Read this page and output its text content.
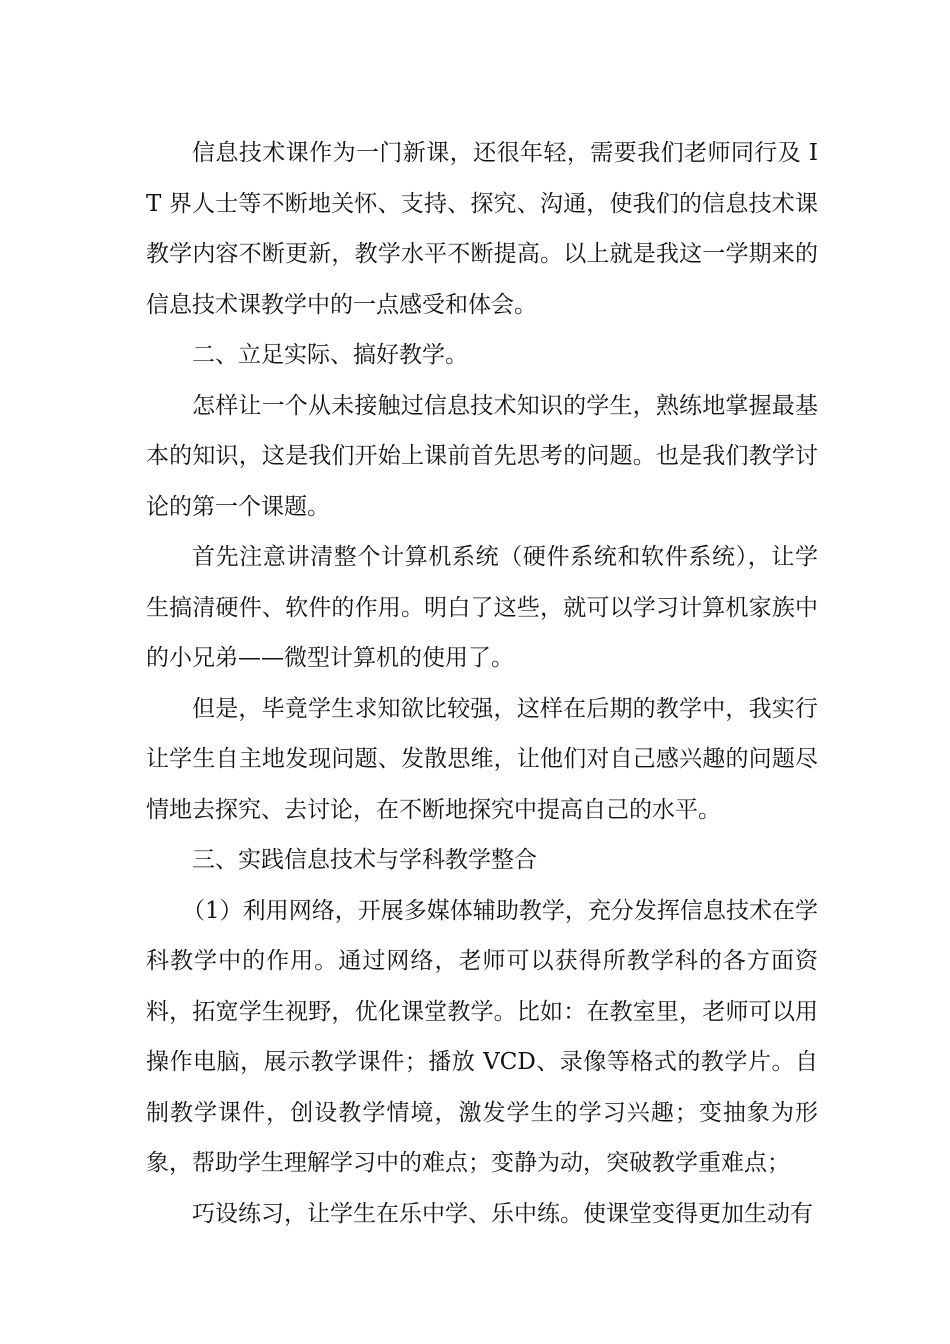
信息技术课作为一门新课，还很年轻，需要我们老师同行及 IT 界人士等不断地关怀、支持、探究、沟通，使我们的信息技术课教学内容不断更新，教学水平不断提高。以上就是我这一学期来的信息技术课教学中的一点感受和体会。

二、立足实际、搞好教学。

怎样让一个从未接触过信息技术知识的学生，熟练地掌握最基本的知识，这是我们开始上课前首先思考的问题。也是我们教学讨论的第一个课题。

首先注意讲清整个计算机系统（硬件系统和软件系统），让学生搞清硬件、软件的作用。明白了这些，就可以学习计算机家族中的小兄弟——微型计算机的使用了。

但是，毕竟学生求知欲比较强，这样在后期的教学中，我实行让学生自主地发现问题、发散思维，让他们对自己感兴趣的问题尽情地去探究、去讨论，在不断地探究中提高自己的水平。

三、实践信息技术与学科教学整合

（1）利用网络，开展多媒体辅助教学，充分发挥信息技术在学科教学中的作用。通过网络，老师可以获得所教学科的各方面资料，拓宽学生视野，优化课堂教学。比如：在教室里，老师可以用操作电脑，展示教学课件；播放 VCD、录像等格式的教学片。自制教学课件，创设教学情境，激发学生的学习兴趣；变抽象为形象，帮助学生理解学习中的难点；变静为动，突破教学重难点；

巧设练习，让学生在乐中学、乐中练。使课堂变得更加生动有
